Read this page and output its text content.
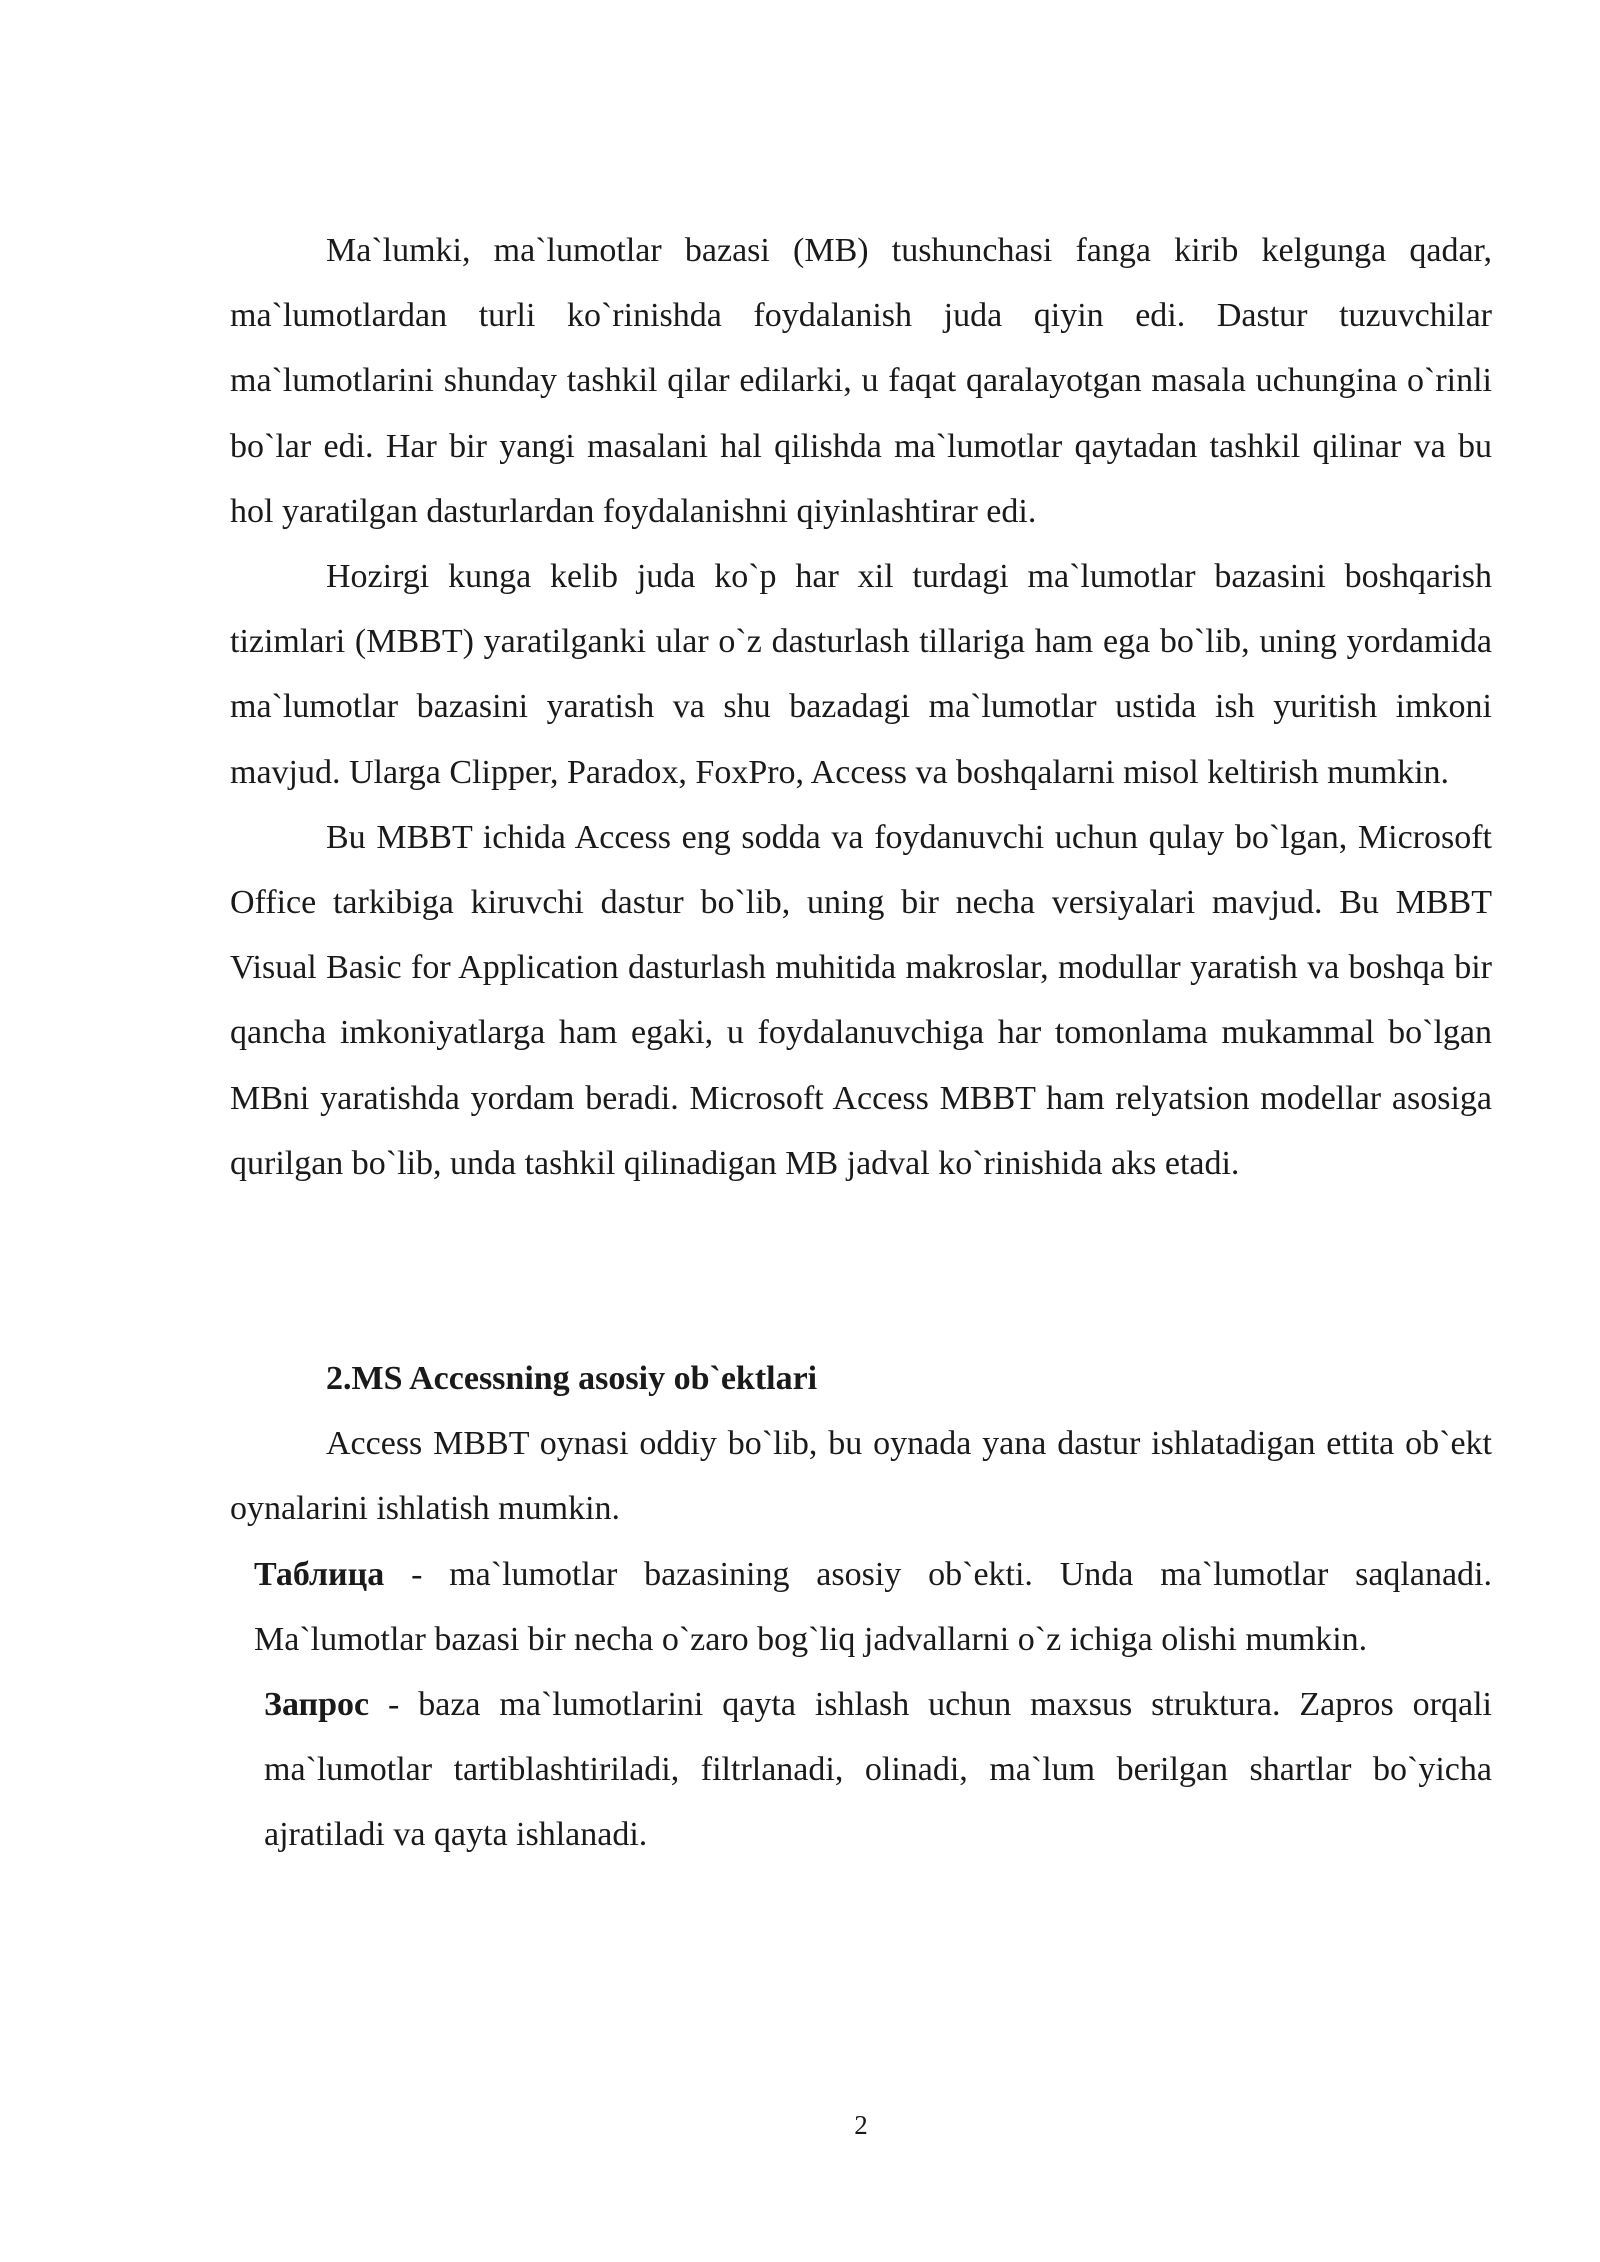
Ma`lumki, ma`lumotlar bazasi (MB) tushunchasi fanga kirib kelgunga qadar, ma`lumotlardan turli ko`rinishda foydalanish juda qiyin edi. Dastur tuzuvchilar ma`lumotlarini shunday tashkil qilar edilarki, u faqat qaralayotgan masala uchungina o`rinli bo`lar edi. Har bir yangi masalani hal qilishda ma`lumotlar qaytadan tashkil qilinar va bu hol yaratilgan dasturlardan foydalanishni qiyinlashtirar edi.

Hozirgi kunga kelib juda ko`p har xil turdagi ma`lumotlar bazasini boshqarish tizimlari (MBBT) yaratilganki ular o`z dasturlash tillariga ham ega bo`lib, uning yordamida ma`lumotlar bazasini yaratish va shu bazadagi ma`lumotlar ustida ish yuritish imkoni mavjud. Ularga Clipper, Paradox, FoxPro, Access va boshqalarni misol keltirish mumkin.

Bu MBBT ichida Access eng sodda va foydanuvchi uchun qulay bo`lgan, Microsoft Office tarkibiga kiruvchi dastur bo`lib, uning bir necha versiyalari mavjud. Bu MBBT Visual Basic for Application dasturlash muhitida makroslar, modullar yaratish va boshqa bir qancha imkoniyatlarga ham egaki, u foydalanuvchiga har tomonlama mukammal bo`lgan MBni yaratishda yordam beradi. Microsoft Access MBBT ham relyatsion modellar asosiga qurilgan bo`lib, unda tashkil qilinadigan MB jadval ko`rinishida aks etadi.

2.MS Accessning asosiy ob`ektlari

Access MBBT oynasi oddiy bo`lib, bu oynada yana dastur ishlatadigan ettita ob`ekt oynalarini ishlatish mumkin.

Таблица - ma`lumotlar bazasining asosiy ob`ekti. Unda ma`lumotlar saqlanadi. Ma`lumotlar bazasi bir necha o`zaro bog`liq jadvallarni o`z ichiga olishi mumkin.

Запрос - baza ma`lumotlarini qayta ishlash uchun maxsus struktura. Zapros orqali ma`lumotlar tartiblashtiriladi, filtrlanadi, olinadi, ma`lum berilgan shartlar bo`yicha ajratiladi va qayta ishlanadi.

2
